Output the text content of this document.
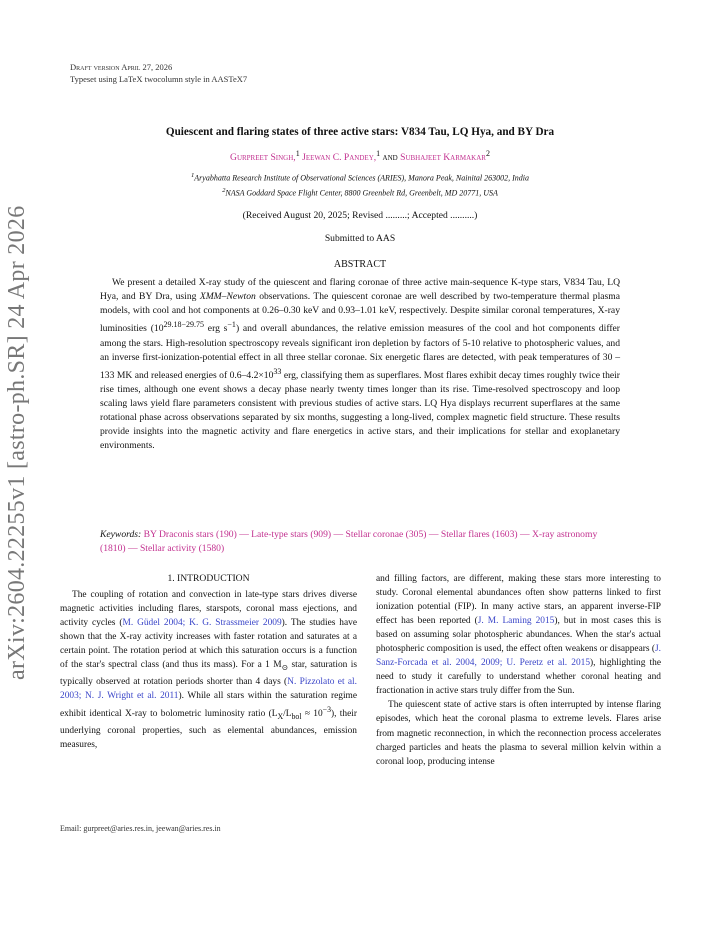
arXiv:2604.22255v1 [astro-ph.SR] 24 Apr 2026
Draft version April 27, 2026
Typeset using LaTeX twocolumn style in AASTeX7
Quiescent and flaring states of three active stars: V834 Tau, LQ Hya, and BY Dra
Gurpreet Singh,$^1$ Jeewan C. Pandey,$^1$ and Subhajeet Karmakar$^2$
$^1$Aryabhatta Research Institute of Observational Sciences (ARIES), Manora Peak, Nainital 263002, India
$^2$NASA Goddard Space Flight Center, 8800 Greenbelt Rd, Greenbelt, MD 20771, USA
(Received August 20, 2025; Revised .........; Accepted ..........)
Submitted to AAS
ABSTRACT
We present a detailed X-ray study of the quiescent and flaring coronae of three active main-sequence K-type stars, V834 Tau, LQ Hya, and BY Dra, using XMM–Newton observations. The quiescent coronae are well described by two-temperature thermal plasma models, with cool and hot components at 0.26–0.30 keV and 0.93–1.01 keV, respectively. Despite similar coronal temperatures, X-ray luminosities ($10^{29.18-29.75}$ erg $s^{-1}$) and overall abundances, the relative emission measures of the cool and hot components differ among the stars. High-resolution spectroscopy reveals significant iron depletion by factors of 5-10 relative to photospheric values, and an inverse first-ionization-potential effect in all three stellar coronae. Six energetic flares are detected, with peak temperatures of 30 – 133 MK and released energies of $0.6-4.2\times 10^{33}$ erg, classifying them as superflares. Most flares exhibit decay times roughly twice their rise times, although one event shows a decay phase nearly twenty times longer than its rise. Time-resolved spectroscopy and loop scaling laws yield flare parameters consistent with previous studies of active stars. LQ Hya displays recurrent superflares at the same rotational phase across observations separated by six months, suggesting a long-lived, complex magnetic field structure. These results provide insights into the magnetic activity and flare energetics in active stars, and their implications for stellar and exoplanetary environments.
Keywords: BY Draconis stars (190) — Late-type stars (909) — Stellar coronae (305) — Stellar flares (1603) — X-ray astronomy (1810) — Stellar activity (1580)
1. INTRODUCTION
The coupling of rotation and convection in late-type stars drives diverse magnetic activities including flares, starspots, coronal mass ejections, and activity cycles (M. Güdel 2004; K. G. Strassmeier 2009). The studies have shown that the X-ray activity increases with faster rotation and saturates at a certain point. The rotation period at which this saturation occurs is a function of the star's spectral class (and thus its mass). For a 1 $M_⊙$ star, saturation is typically observed at rotation periods shorter than 4 days (N. Pizzolato et al. 2003; N. J. Wright et al. 2011). While all stars within the saturation regime exhibit identical X-ray to bolometric luminosity ratio $(L_X/L_{bol} \approx 10^{-3})$, their underlying coronal properties, such as elemental abundances, emission measures,

and filling factors, are different, making these stars more interesting to study. Coronal elemental abundances often show patterns linked to first ionization potential (FIP). In many active stars, an apparent inverse-FIP effect has been reported (J. M. Laming 2015), but in most cases this is based on assuming solar photospheric abundances. When the star's actual photospheric composition is used, the effect often weakens or disappears (J. Sanz-Forcada et al. 2004, 2009; U. Peretz et al. 2015), highlighting the need to study it carefully to understand whether coronal heating and fractionation in active stars truly differ from the Sun.

The quiescent state of active stars is often interrupted by intense flaring episodes, which heat the coronal plasma to extreme levels. Flares arise from magnetic reconnection, in which the reconnection process accelerates charged particles and heats the plasma to several million kelvin within a coronal loop, producing intense

Email: gurpreet@aries.res.in, jeewan@aries.res.in
